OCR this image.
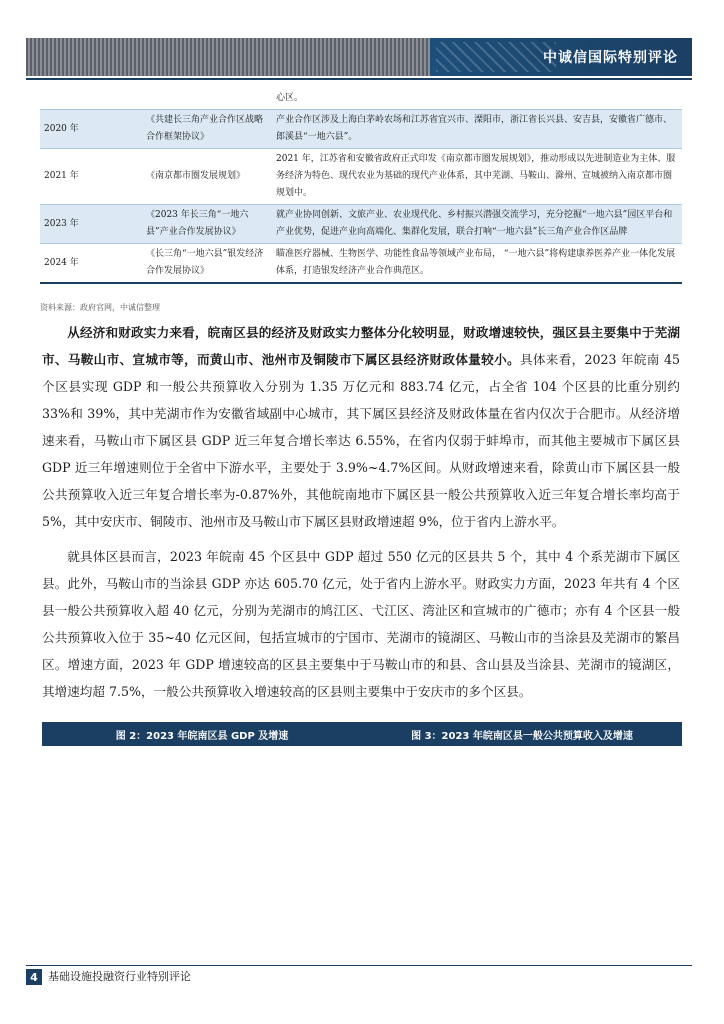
中诚信国际特别评论
		心区。
2020 年	《共建长三角产业合作区战略合作框架协议》	产业合作区涉及上海白茅岭农场和江苏省宜兴市、溧阳市，浙江省长兴县、安吉县，安徽省广德市、郎溪县“一地六县”。
2021 年	《南京都市圈发展规划》	2021 年，江苏省和安徽省政府正式印发《南京都市圈发展规划》，推动形成以先进制造业为主体、服务经济为特色、现代农业为基础的现代产业体系，其中芜湖、马鞍山、滁州、宣城被纳入南京都市圈规划中。
2023 年	《2023 年长三角“一地六县”产业合作发展协议》	就产业协同创新、文旅产业、农业现代化、乡村振兴潜强交流学习，充分挖掘“一地六县”园区平台和产业优势，促进产业向高端化、集群化发展，联合打响“一地六县”长三角产业合作区品牌
2024 年	《长三角“一地六县”银发经济合作发展协议》	瞄准医疗器械、生物医学、功能性食品等领域产业布局， “一地六县”将构建康养医养产业一体化发展体系，打造银发经济产业合作典范区。
资料来源：政府官网，中诚信整理

从经济和财政实力来看，皖南区县的经济及财政实力整体分化较明显，财政增速较快，强区县主要集中于芜湖市、马鞍山市、宣城市等，而黄山市、池州市及铜陵市下属区县经济财政体量较小。具体来看，2023 年皖南 45 个区县实现 GDP 和一般公共预算收入分别为 1.35 万亿元和 883.74 亿元，占全省 104 个区县的比重分别约 33%和 39%，其中芜湖市作为安徽省域副中心城市，其下属区县经济及财政体量在省内仅次于合肥市。从经济增速来看，马鞍山市下属区县 GDP 近三年复合增长率达 6.55%，在省内仅弱于蚌埠市，而其他主要城市下属区县 GDP 近三年增速则位于全省中下游水平，主要处于 3.9%~4.7%区间。从财政增速来看，除黄山市下属区县一般公共预算收入近三年复合增长率为-0.87%外，其他皖南地市下属区县一般公共预算收入近三年复合增长率均高于 5%，其中安庆市、铜陵市、池州市及马鞍山市下属区县财政增速超 9%，位于省内上游水平。

就具体区县而言，2023 年皖南 45 个区县中 GDP 超过 550 亿元的区县共 5 个，其中 4 个系芜湖市下属区县。此外，马鞍山市的当涂县 GDP 亦达 605.70 亿元，处于省内上游水平。财政实力方面，2023 年共有 4 个区县一般公共预算收入超 40 亿元，分别为芜湖市的鸠江区、弋江区、湾沚区和宣城市的广德市；亦有 4 个区县一般公共预算收入位于 35~40 亿元区间，包括宣城市的宁国市、芜湖市的镜湖区、马鞍山市的当涂县及芜湖市的繁昌区。增速方面，2023 年 GDP 增速较高的区县主要集中于马鞍山市的和县、含山县及当涂县、芜湖市的镜湖区，其增速均超 7.5%，一般公共预算收入增速较高的区县则主要集中于安庆市的多个区县。

图 2：2023 年皖南区县 GDP 及增速	图 3：2023 年皖南区县一般公共预算收入及增速
4 基础设施投融资行业特别评论
